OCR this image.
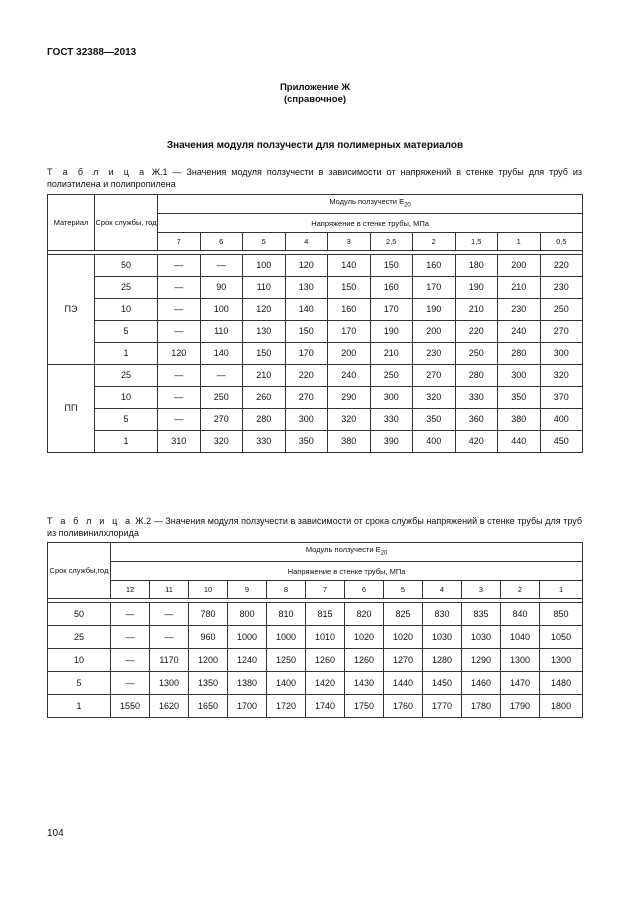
ГОСТ 32388—2013
Приложение Ж
(справочное)
Значения модуля ползучести для полимерных материалов
Т а б л и ц а Ж.1 — Значения модуля ползучести в зависимости от напряжений в стенке трубы для труб из полиэтилена и полипропилена
Материал	Срок службы, год	Модуль ползучести $E_{20}$
		Напряжение в стенке трубы, МПа									
		7	6	5	4	3	2,5	2	1,5	1	0,5

ПЭ	50	—	—	100	120	140	150	160	180	200	220
	25	—	90	110	130	150	160	170	190	210	230
	10	—	100	120	140	160	170	190	210	230	250
	5	—	110	130	150	170	190	200	220	240	270
	1	120	140	150	170	200	210	230	250	280	300
ПП	25	—	—	210	220	240	250	270	280	300	320
	10	—	250	260	270	290	300	320	330	350	370
	5	—	270	280	300	320	330	350	360	380	400
	1	310	320	330	350	380	390	400	420	440	450
Т а б л и ц а Ж.2 — Значения модуля ползучести в зависимости от срока службы напряжений в стенке трубы для труб из поливинилхлорида
Срок службы,год	Модуль ползучести $E_{20}$
	Напряжение в стенке трубы, МПа											
	12	11	10	9	8	7	6	5	4	3	2	1

50	—	—	780	800	810	815	820	825	830	835	840	850
25	—	—	960	1000	1000	1010	1020	1020	1030	1030	1040	1050
10	—	1170	1200	1240	1250	1260	1260	1270	1280	1290	1300	1300
5	—	1300	1350	1380	1400	1420	1430	1440	1450	1460	1470	1480
1	1550	1620	1650	1700	1720	1740	1750	1760	1770	1780	1790	1800
104
